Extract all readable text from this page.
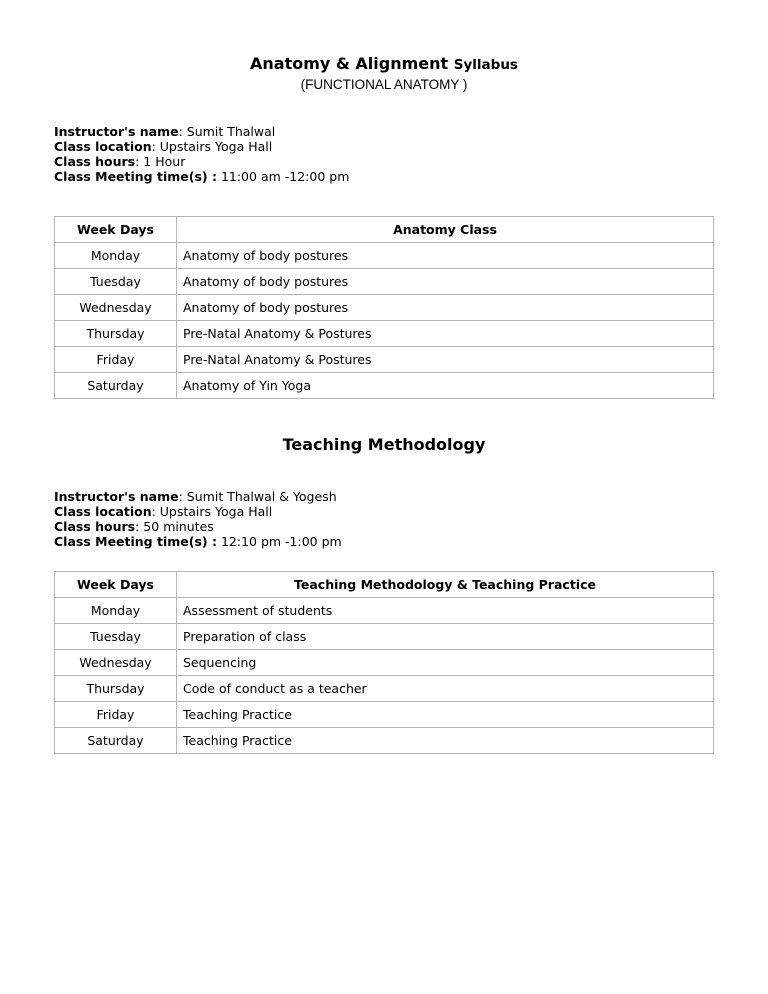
Anatomy & Alignment Syllabus
(FUNCTIONAL ANATOMY )
Instructor's name: Sumit Thalwal
Class location: Upstairs Yoga Hall
Class hours: 1 Hour
Class Meeting time(s) : 11:00 am -12:00 pm
Week Days	Anatomy Class
Monday	Anatomy of body postures
Tuesday	Anatomy of body postures
Wednesday	Anatomy of body postures
Thursday	Pre-Natal Anatomy & Postures
Friday	Pre-Natal Anatomy & Postures
Saturday	Anatomy of Yin Yoga
Teaching Methodology
Instructor's name: Sumit Thalwal & Yogesh
Class location: Upstairs Yoga Hall
Class hours: 50 minutes
Class Meeting time(s) : 12:10 pm -1:00 pm
Week Days	Teaching Methodology & Teaching Practice
Monday	Assessment of students
Tuesday	Preparation of class
Wednesday	Sequencing
Thursday	Code of conduct as a teacher
Friday	Teaching Practice
Saturday	Teaching Practice
